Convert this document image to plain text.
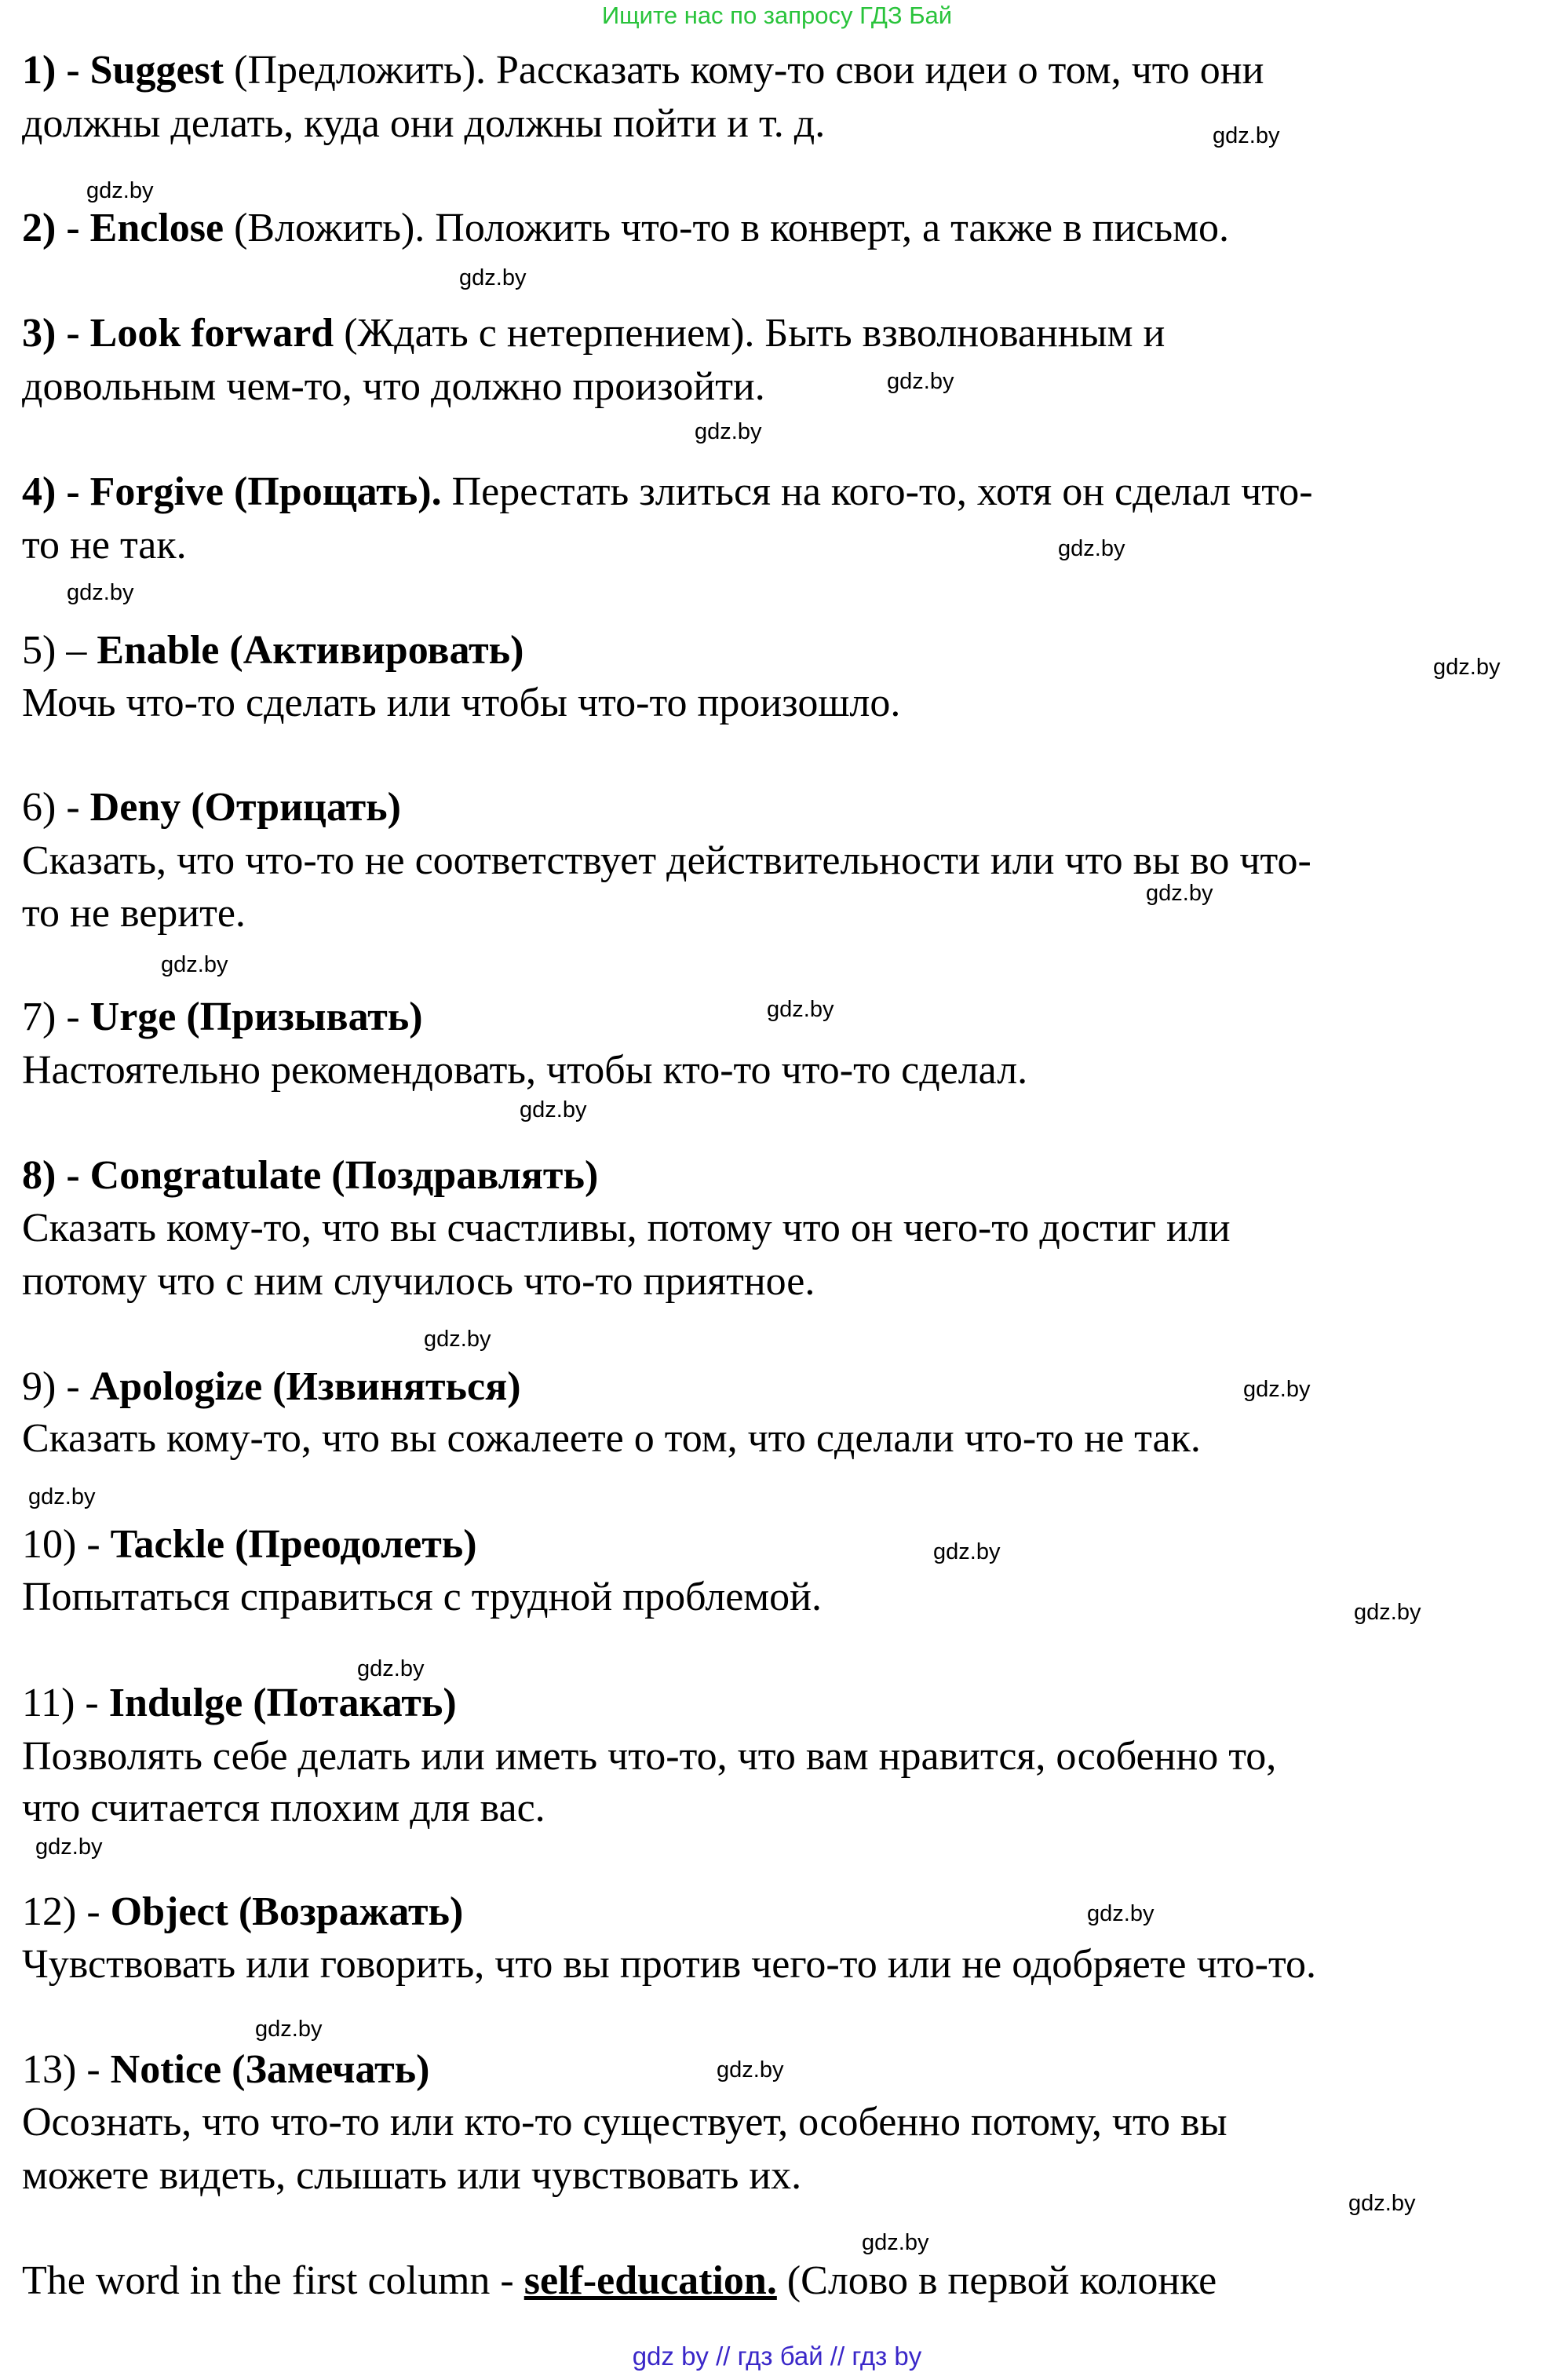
Ищите нас по запросу ГДЗ Бай
1) - Suggest (Предложить). Рассказать кому-то свои идеи о том, что они
должны делать, куда они должны пойти и т. д.
2) - Enclose (Вложить). Положить что-то в конверт, а также в письмо.
3) - Look forward (Ждать с нетерпением). Быть взволнованным и
довольным чем-то, что должно произойти.
4) - Forgive (Прощать). Перестать злиться на кого-то, хотя он сделал что-
то не так.
5) – Enable (Активировать)
Мочь что-то сделать или чтобы что-то произошло.
6) - Deny (Отрицать)
Сказать, что что-то не соответствует действительности или что вы во что-
то не верите.
7) - Urge (Призывать)
Настоятельно рекомендовать, чтобы кто-то что-то сделал.
8) - Congratulate (Поздравлять)
Сказать кому-то, что вы счастливы, потому что он чего-то достиг или
потому что с ним случилось что-то приятное.
9) - Apologize (Извиняться)
Сказать кому-то, что вы сожалеете о том, что сделали что-то не так.
10) - Tackle (Преодолеть)
Попытаться справиться с трудной проблемой.
11) - Indulge (Потакать)
Позволять себе делать или иметь что-то, что вам нравится, особенно то,
что считается плохим для вас.
12) - Object (Возражать)
Чувствовать или говорить, что вы против чего-то или не одобряете что-то.
13) - Notice (Замечать)
Осознать, что что-то или кто-то существует, особенно потому, что вы
можете видеть, слышать или чувствовать их.
The word in the first column - self-education. (Слово в первой колонке
gdz.by
gdz.by
gdz.by
gdz.by
gdz.by
gdz.by
gdz.by
gdz.by
gdz.by
gdz.by
gdz.by
gdz.by
gdz.by
gdz.by
gdz.by
gdz.by
gdz.by
gdz.by
gdz.by
gdz.by
gdz.by
gdz.by
gdz.by
gdz.by
gdz by // гдз бай // гдз by
